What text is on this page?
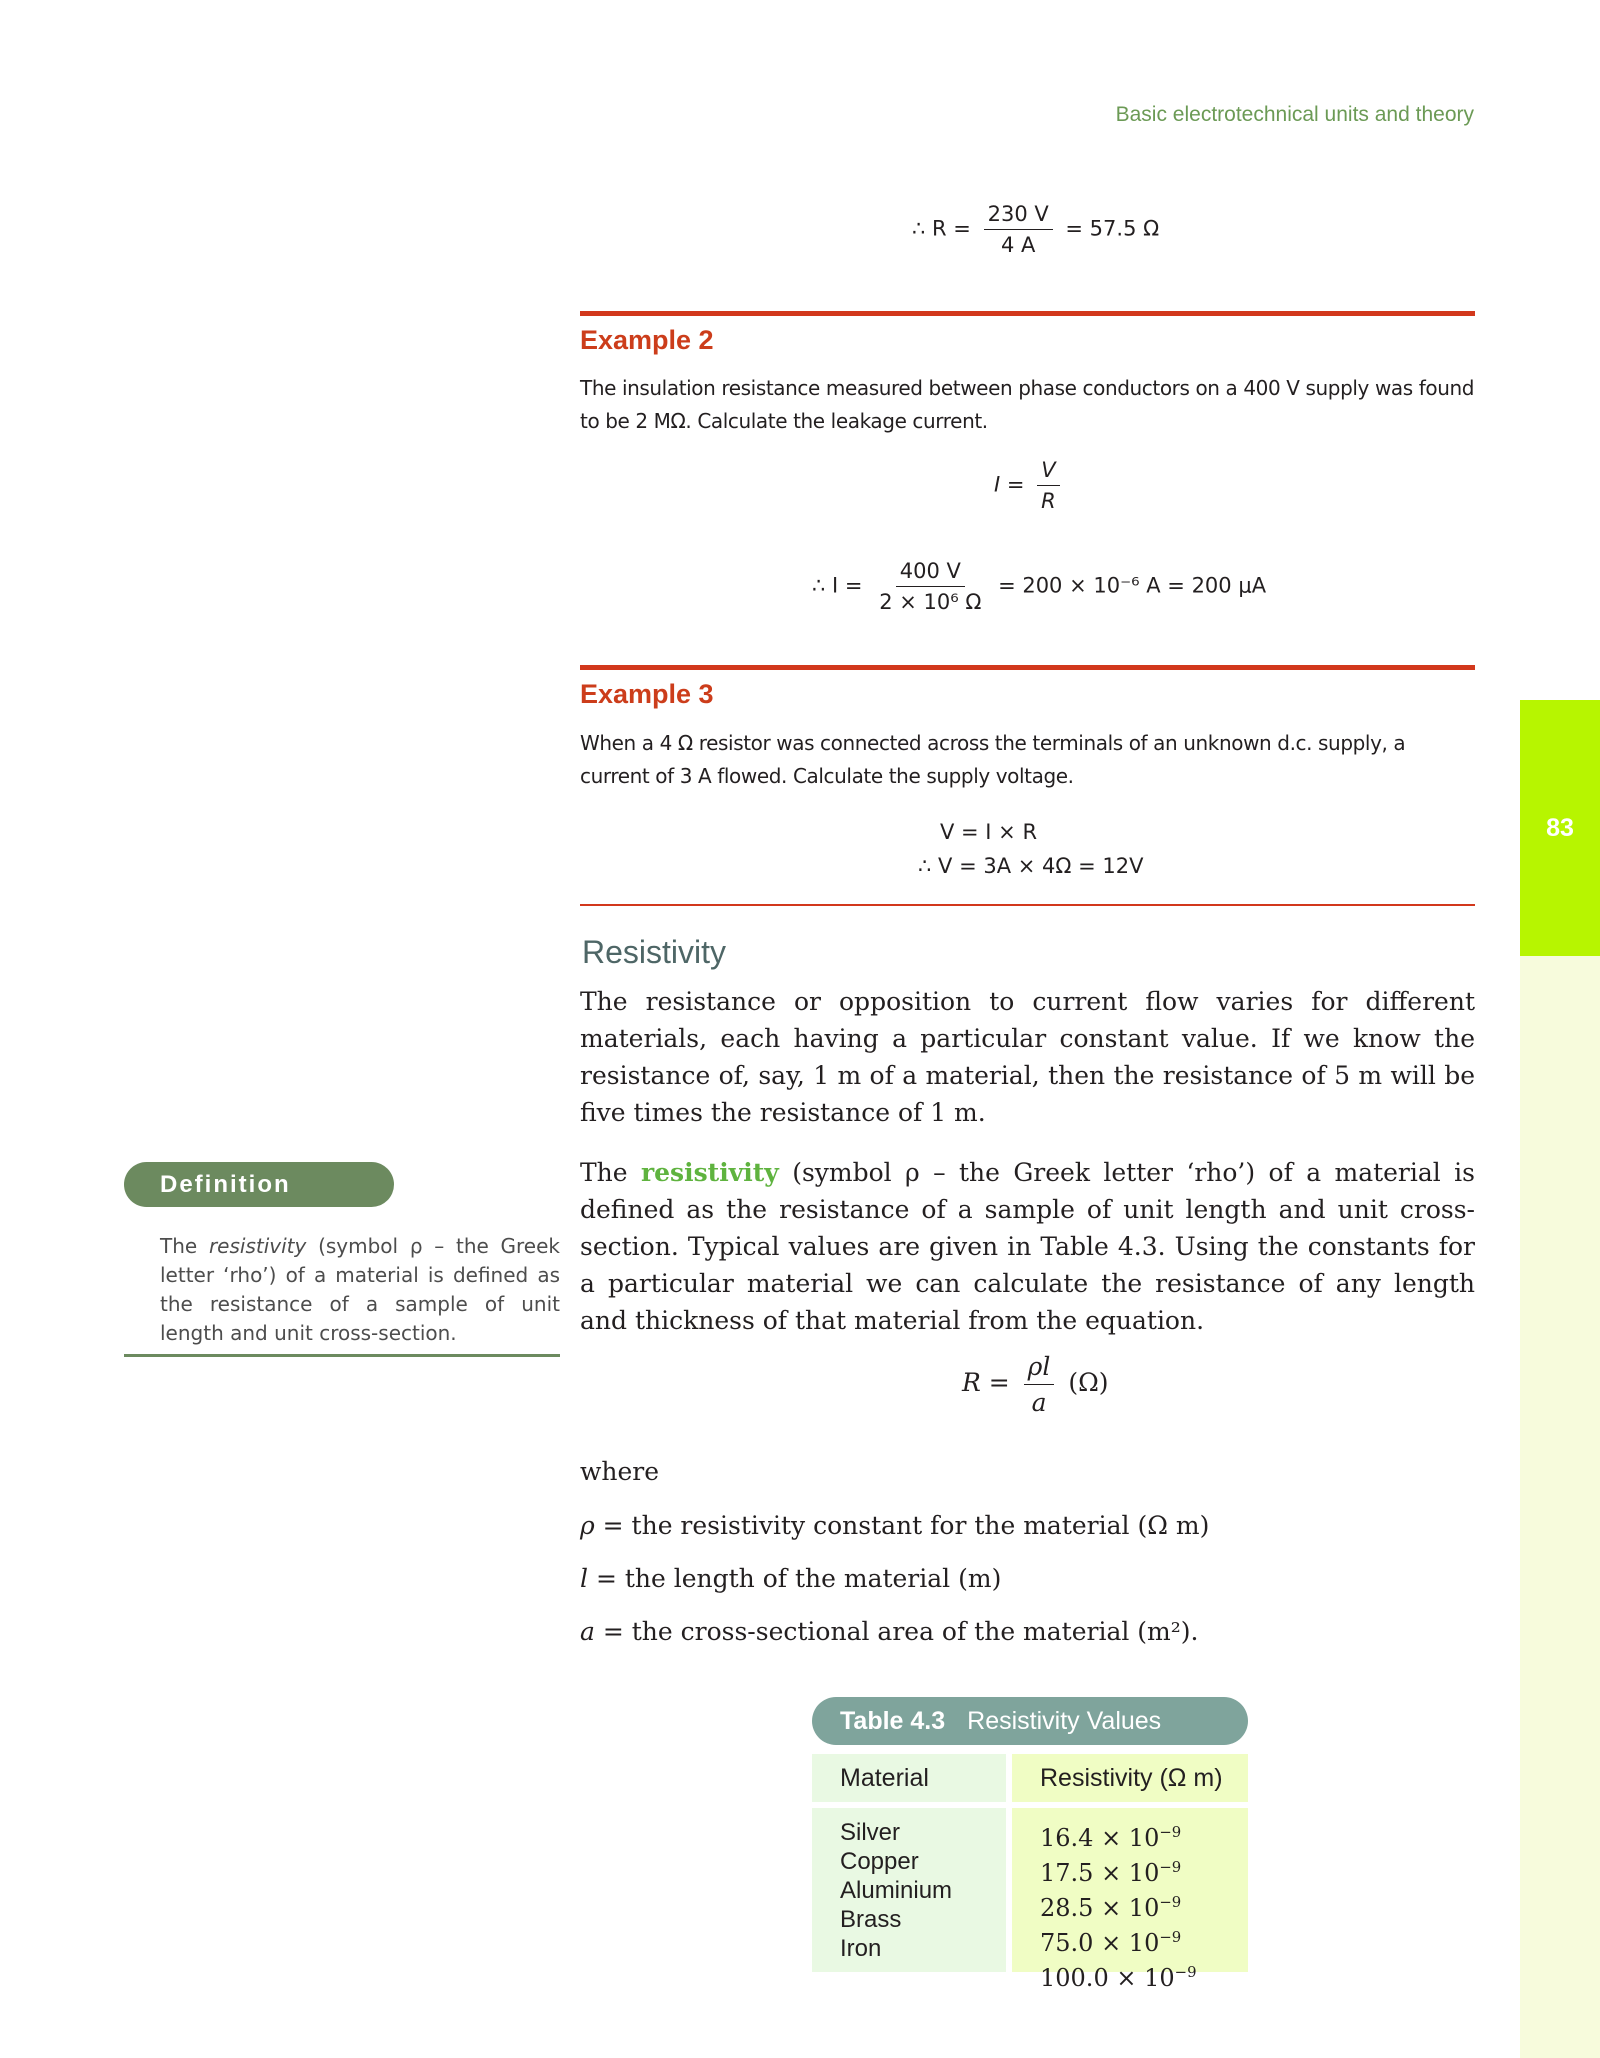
Basic electrotechnical units and theory
83
∴ $R = \frac{230 V}{4 A} = 57.5$ Ω
Example 2
The insulation resistance measured between phase conductors on a 400 V supply was found to be 2 MΩ. Calculate the leakage current.
$I = \frac{V}{R}$
∴ $I = \frac{400 V}{\text{2 × 10⁶ Ω}} = 200 \times 10^{-6}$ A = 200 μA
Example 3
When a 4 Ω resistor was connected across the terminals of an unknown d.c. supply, a current of 3 A flowed. Calculate the supply voltage.
V = I × R
∴ V = 3A × 4Ω = 12V
Resistivity
The resistance or opposition to current flow varies for different materials, each having a particular constant value. If we know the resistance of, say, 1 m of a material, then the resistance of 5 m will be five times the resistance of 1 m.
The resistivity (symbol ρ – the Greek letter ‘rho’) of a material is defined as the resistance of a sample of unit length and unit cross-section. Typical values are given in Table 4.3. Using the constants for a particular material we can calculate the resistance of any length and thickness of that material from the equation.
$R = \frac{\rho l}{a} (\Omega)$
where
ρ = the resistivity constant for the material (Ω m)
l = the length of the material (m)
a = the cross-sectional area of the material (m²).
Definition
The resistivity (symbol ρ – the Greek letter ‘rho’) of a material is defined as the resistance of a sample of unit length and unit cross-section.
Table 4.3 Resistivity Values
Material	Resistivity (Ω m)
Silver
Copper
Aluminium
Brass
Iron
$16.4 \times 10^{-9}$
$17.5 \times 10^{-9}$
$28.5 \times 10^{-9}$
$75.0 \times 10^{-9}$
$100.0 \times 10^{-9}$
